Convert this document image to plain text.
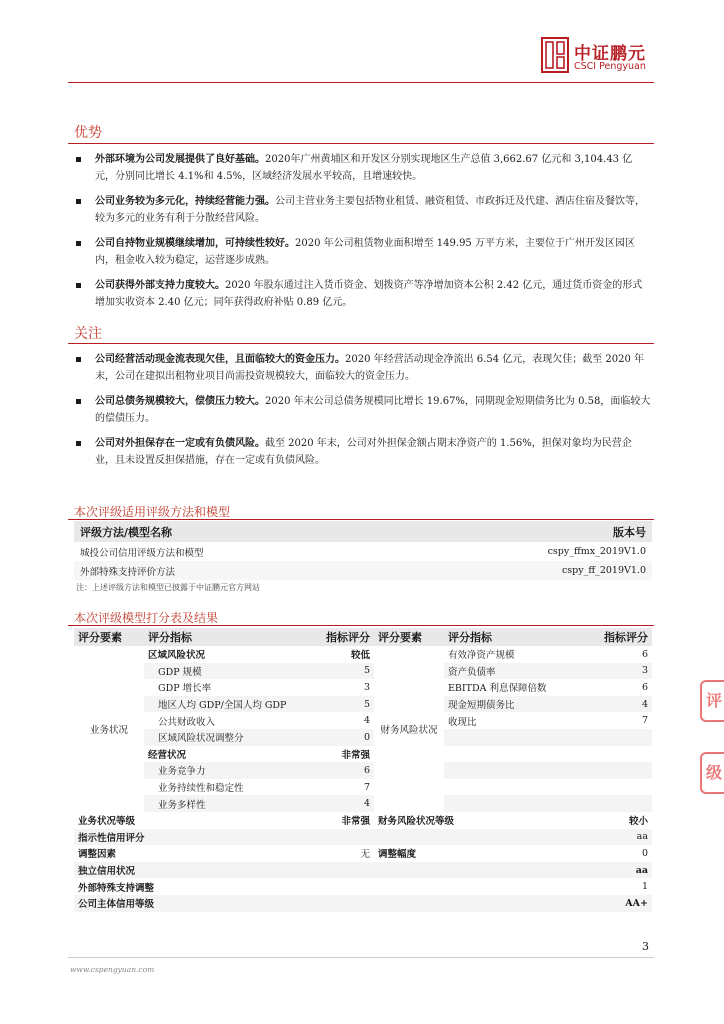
中证鹏元
CSCI Pengyuan
优势
外部环境为公司发展提供了良好基础。2020年广州黄埔区和开发区分别实现地区生产总值 3,662.67 亿元和 3,104.43 亿元，分别同比增长 4.1%和 4.5%，区域经济发展水平较高，且增速较快。
公司业务较为多元化，持续经营能力强。公司主营业务主要包括物业租赁、融资租赁、市政拆迁及代建、酒店住宿及餐饮等，较为多元的业务有利于分散经营风险。
公司自持物业规模继续增加，可持续性较好。2020 年公司租赁物业面积增至 149.95 万平方米，主要位于广州开发区园区内，租金收入较为稳定，运营逐步成熟。
公司获得外部支持力度较大。2020 年股东通过注入货币资金、划拨资产等净增加资本公积 2.42 亿元，通过货币资金的形式增加实收资本 2.40 亿元；同年获得政府补贴 0.89 亿元。
关注
公司经营活动现金流表现欠佳，且面临较大的资金压力。2020 年经营活动现金净流出 6.54 亿元，表现欠佳；截至 2020 年末，公司在建拟出租物业项目尚需投资规模较大，面临较大的资金压力。
公司总债务规模较大，偿债压力较大。2020 年末公司总债务规模同比增长 19.67%，同期现金短期债务比为 0.58，面临较大的偿债压力。
公司对外担保存在一定或有负债风险。截至 2020 年末，公司对外担保金额占期末净资产的 1.56%，担保对象均为民营企业，且未设置反担保措施，存在一定或有负债风险。
本次评级适用评级方法和模型
评级方法/模型名称	版本号
城投公司信用评级方法和模型	cspy_ffmx_2019V1.0
外部特殊支持评价方法	cspy_ff_2019V1.0
注：上述评级方法和模型已披露于中证鹏元官方网站
本次评级模型打分表及结果
评分要素	评分指标	指标评分	评分要素	评分指标	指标评分
业务状况	区域风险状况	较低	财务风险状况	有效净资产规模	6
	GDP 规模	5		资产负债率	3
	GDP 增长率	3		EBITDA 利息保障倍数	6
	地区人均 GDP/全国人均 GDP	5		现金短期债务比	4
	公共财政收入	4		收现比	7
	区域风险状况调整分	0			
	经营状况	非常强			
	业务竞争力	6			
	业务持续性和稳定性	7			
	业务多样性	4			
业务状况等级		非常强	财务风险状况等级		较小
指示性信用评分					aa
调整因素		无	调整幅度		0
独立信用状况					aa
外部特殊支持调整					1
公司主体信用等级					AA+
3
www.cspengyuan.com
评
级
